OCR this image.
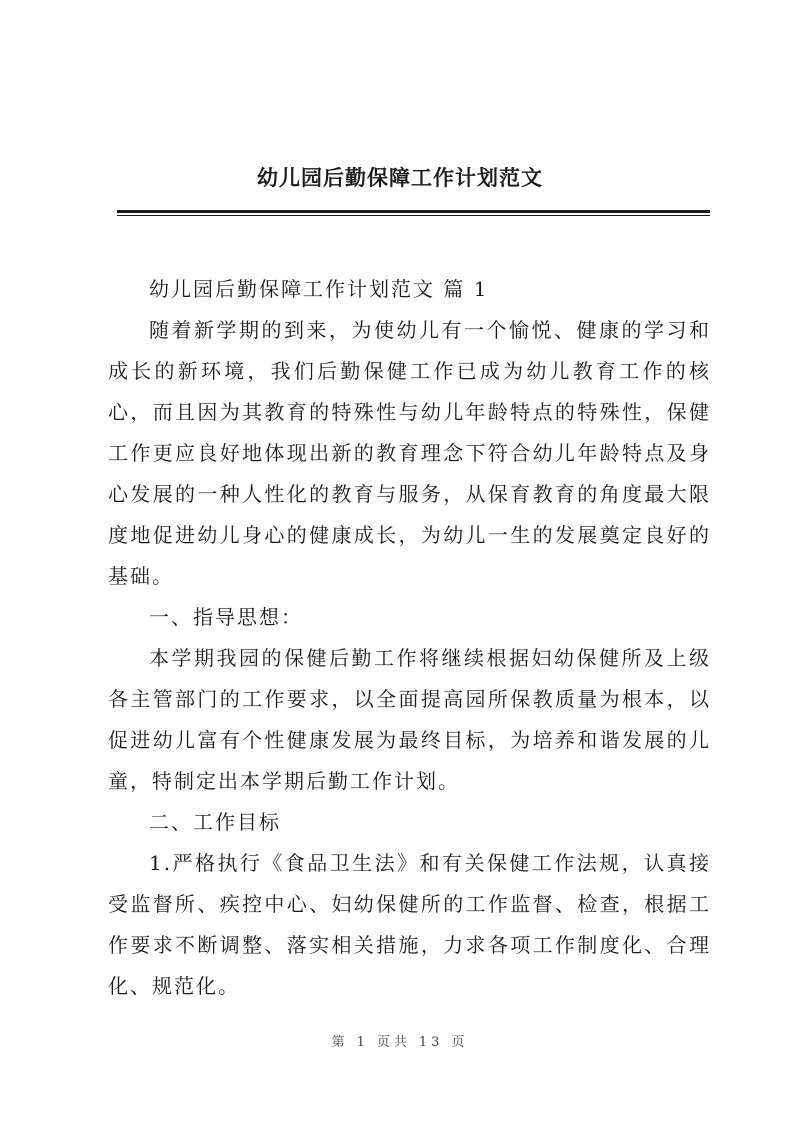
幼儿园后勤保障工作计划范文

幼儿园后勤保障工作计划范文 篇 1

随着新学期的到来，为使幼儿有一个愉悦、健康的学习和成长的新环境，我们后勤保健工作已成为幼儿教育工作的核心，而且因为其教育的特殊性与幼儿年龄特点的特殊性，保健工作更应良好地体现出新的教育理念下符合幼儿年龄特点及身心发展的一种人性化的教育与服务，从保育教育的角度最大限度地促进幼儿身心的健康成长，为幼儿一生的发展奠定良好的基础。

一、指导思想：

本学期我园的保健后勤工作将继续根据妇幼保健所及上级各主管部门的工作要求，以全面提高园所保教质量为根本，以促进幼儿富有个性健康发展为最终目标，为培养和谐发展的儿童，特制定出本学期后勤工作计划。

二、工作目标

1.严格执行《食品卫生法》和有关保健工作法规，认真接受监督所、疾控中心、妇幼保健所的工作监督、检查，根据工作要求不断调整、落实相关措施，力求各项工作制度化、合理化、规范化。

第 1 页共 13 页
